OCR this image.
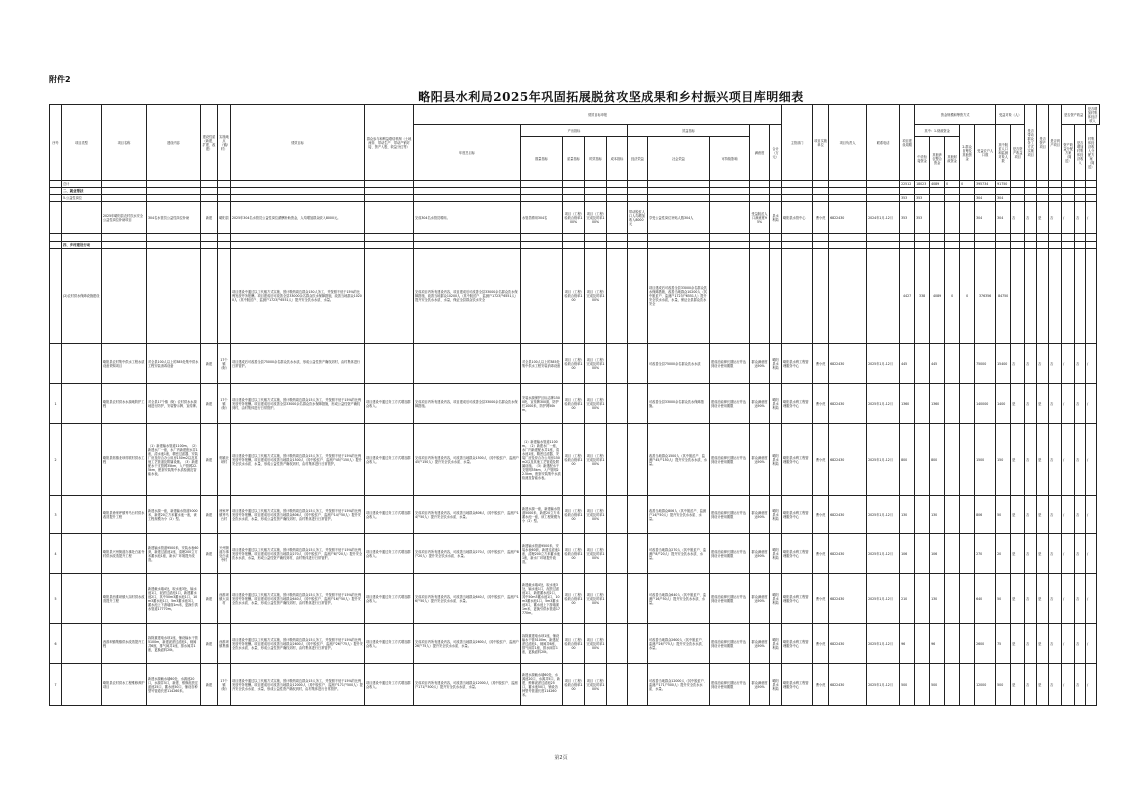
附件2
略阳县水利局2025年巩固拓展脱贫攻坚成果和乡村振兴项目库明细表
序号	项目类型	项目名称	建设内容	建设性质（新建、扩建、改建）	实施地点（镇/村）	绩效目标	群众参与和利益联结机制（土地流转、带动生产、带动产销对接、资产入股、收益分红等）	绩效目标申报										主管部门	项目实施单位	项目负责人	联系电话	项目建设周期	资金规模和筹资方式					受益对象（人）		是否带动群众务工方式实施项目	是否资产项目	是否到户项目	是否资产收益		是否增加村集体经济收入
								年度总目标	产出指标				效益指标			满意度	合计（万元）						其中：1.财政资金			2.群众自筹及其他资金	受益农户人口数	其中脱贫人口和监测对象人数	是否资产收益项目				资产收益分配方案（简述）	是否增加村集体经济收入	村集体经济收入分配方案（简述）
									数量指标	质量指标	时效指标	成本指标	经济效益	社会效益	可持续影响								中央衔接资金	其他涉农整合资金	其他财政资金										

	总计																					22512	18023	4089	0	0	395734	91750							
	二、就业帮扶																																		
	5.公益性岗位																					353	353				304	304							
		2025年略阳县农村饮水安全公益性岗位补助项目	304名水管员公益性岗位补助	新建	略阳县	2025年304名水管员公益性岗位薪酬补助资金，人均增加群众收入8000元。		完成304名水管员聘用。	水管员聘用304名	项目（工程）验收合格率100%	项目（工程）完成及时率100%		带动脱贫人口人均增加收入8000元	享受公益性岗位补贴人数304人		受益脱贫人口满意度95%	县水利局	略阳县水管中心	曹小虎	6822430	2024年1月-12月	353	353				304	304	否	否	是	否	/	否	/

	四、乡村建设行动																																		
	(2)农村供水保障设施建设					项目建设中通过以工代赈方式实施，预计吸纳周边群众150人务工，并按照不低于15%的比例发放劳务报酬。项目建成后可改善全县33000余名群众饮水保障措施，改善当地群众10200人（其中脱贫户、监测户1723户6551人）提升安全饮水水质、水量。		完成项目内所有建设内容，项目建成后可改善全县33000余名群众饮水保障措施，改善当地群众10200人（其中脱贫户、监测户1723户6551人）提升安全饮水水质、水量，保证全县群众饮水安全		项目（工程）验收合格率100	项目（工程）完成及时率100%			项目建成后可改善全县33000余名群众饮水保障措施，改善当地群众10200人（其中脱贫户、监测户1723户6551人）提升安全饮水水质，水量，保证全县群众饮水安全								4427	338	4089	0	0	376356	84750							
		略阳县农村集中供水工程水质设备采购项目	对全县100人以上的385处集中供水工程安装消毒设备	新建	17个镇（街）	项目建成后可改善全县75000余名群众饮水水质，形成公益性资产确权到村，由村集体进行日常管护。			对全县100人以上的385处集中供水工程安装消毒设备	项目（工程）验收合格率100	项目（工程）完成及时率100%			可改善全县75000余名群众饮水水质	建成后能够长期运行并达到设计使用期限	群众满意度达90%	略阳县水利局	略阳县水利工程管理服务中心	曹小虎	6822430	2025年1月-12月	445		445			75000	15400	否	否	否	否	/	否	/
1		略阳县农村供水水源地防护工程	对全县17个镇（街）农村供水水源地进行防护，安装警示牌、宣传牌。	新建	17个镇（街）	项目建设中通过以工代赈方式实施，预计吸纳周边群众15人务工，并按照不低于15%的比例发放劳务报酬。项目建成后可改善全县33000余名群众饮水保障措施，形成公益性资产确权到村，由村集体进行日常管护。	项目建设中通过务工方式增加群众收入。	完成项目内所有建设内容，项目建成后可改善全县33000余名群众饮水保障措施。	安装水源保护区标志牌1500块，宣传牌300面，防护栏1000米，防护网50km。	项目（工程）验收合格率100	项目（工程）完成及时率100%			可改善全县33000余名群众饮水保障措施。	建成后能够长期运行并达到设计使用期限	群众满意度达90%	略阳县水利局	略阳县水利工程管理服务中心	曹小虎	6822430	2025年1月-12月	1360		1360			140000	1400	是	否	是	否	/	否	/
2		略阳县郭镇北坝村联村供水工程	（1）新建输水管道1100m。（2）新建水厂一座，水厂内新建配水井1座，清水池1座，精密过滤器、安装厂房及综合办公用房150m2以及其他工艺管道及附属设施。（3）新建配水干支管网35km，入户管网22.5km，配套安装集中水质检测及智能水表。	新建	郭镇北坝村	项目建设中通过以工代赈方式实施，预计吸纳周边群众15人务工，并按照不低于15%的比例发放劳务报酬。项目建成后可改善当地群众1500人（其中脱贫户、监测户45户150人）提升安全饮水水质、水量，形成公益性资产确权到村，由村集体进行日常管护。	项目建设中通过务工方式增加群众收入。	完成项目内所有建设内容，可改善当地群众1500人（其中脱贫户、监测户45户150人）提升安全饮水水质、水量。	（1）新建输水管道1100m。（2）新建水厂一座，水厂内新建配水井1座，清水池1座，精密过滤器、安装厂房及综合办公用房150m2以及其他工艺管道及附属设施。（3）新建配水干支管网35km，入户管网22.5km，配套安装集中水质检测及智能水表。	项目（工程）验收合格率100	项目（工程）完成及时率100%			改善当地群众1500人（其中脱贫户、监测户45户150人）提升安全饮水水质、水量。	建成后能够长期运行并达到设计使用期限	群众满意度达90%	略阳县水利局	略阳县水利工程管理服务中心	曹小虎	6822430	2025年1月-12月	800		800			1500	150	是	否	是	否	/	否	/
3		略阳县徐家坪镇秀马台村供水改造提升工程	新建水源一座，新建输水管道5000米，新建20立方米蓄水池一座，该工程规模为小（2）型。	新建	徐家坪镇秀马台村	项目建设中通过以工代赈方式实施，预计吸纳周边群众15人务工，并按照不低于15%的比例发放劳务报酬。项目建成后可改善当地群众806人（其中脱贫户、监测户14户50人）提升安全饮水水质、水量，形成公益性资产确权到村，由村集体进行日常管护。	项目建设中通过务工方式增加群众收入。	完成项目内所有建设内容，可改善当地群众806人（其中脱贫户、监测户14户50人）提升安全饮水水质、水量。	新建水源一座，新建输水管道5000米，新建20立方米蓄水池一座，该工程规模为小（2）型。	项目（工程）验收合格率100	项目（工程）完成及时率100%			改善当地群众806人（其中脱贫户、监测户14户50人）提升安全饮水水质、水量。	建成后能够长期运行并达到设计使用期限	群众满意度达90%	略阳县水利局	略阳县水利工程管理服务中心	曹小虎	6822430	2025年1月-12月	130		130			806	50	是	否	是	否	/	否	/
4		略阳县兴州街道办事处白雀寺村供水改造提升工程	新建输水管道9500米，安装水表60套，新建过滤池1座，清理200立方米蓄水池1座，新水厂环境提升改造。	新建	兴州街道办事处白雀寺村	项目建设中通过以工代赈方式实施，预计吸纳周边群众15人务工，并按照不低于15%的比例发放劳务报酬。项目建成后可改善当地群众270人（其中脱贫户、监测户8户20人）提升安全饮水水质、水量，形成公益性资产确权到村，由村集体进行日常管护。	项目建设中通过务工方式增加群众收入。	完成项目内所有建设内容，可改善当地群众270人（其中脱贫户、监测户8户20人）提升安全饮水水质、水量。	新建输水管道9500米，安装水表60套，新建过滤池1座，清理200立方米蓄水池1座，新水厂环境提升改造。	项目（工程）验收合格率100	项目（工程）完成及时率100%			可改善当地群众270人（其中脱贫户、监测户8户20人）提升安全饮水水质、水量。	建成后能够长期运行并达到设计使用期限	群众满意度达90%	略阳县水利局	略阳县水利工程管理服务中心	曹小虎	6822430	2025年1月-12月	106		106			270	20	是	否	是	否	/	否	/
5		略阳县西淮坝镇大沟村供水改造提升工程	新建截水墙4处，取水池3处，输水池1口，泥淤过滤池1口，新建蓄水池2口，其中50m3蓄水池1口，10m3蓄水池1口，5m3蓄水池3口，蓄水池上下游墙面1m米，更换引供水管道17770m。	新建	西淮坝镇大沟村	项目建设中通过以工代赈方式实施，预计吸纳周边群众15人务工，并按照不低于15%的比例发放劳务报酬。项目建成后可改善当地群众640人（其中脱贫户、监测户16户50人）提升安全饮水水质、水量，形成公益性资产确权到村，由村集体进行日常管护。	项目建设中通过务工方式增加群众收入。	完成项目内所有建设内容，可改善当地群众640人（其中脱贫户、监测户16户50人）提升安全饮水水质、水量。	新建截水墙4处，取水池3处，输水池1口，泥淤过滤池1口，新建蓄水池2口，其中50m3蓄水池1口，10m3蓄水池1口，5m3蓄水池3口，蓄水池上下游墙面1m米，更换引供水管道17770m。	项目（工程）验收合格率100	项目（工程）完成及时率100%			可改善当地群众640人（其中脱贫户、监测户16户50人）提升安全饮水水质、水量。	建成后能够长期运行并达到设计使用期限	群众满意度达90%	略阳县水利局	略阳县水利工程管理服务中心	曹小虎	6822430	2025年1月-12月	210		130			640	50	是	否	是	否	/	否	/
6		西淮坝镇集镇供水改造提升工程	拆除重建取水坝1座，铺设输水干管5100m，新建泥淤过滤池1，闸阀井6座，排气阀井1座，排水阀井1座，更换滤料20t。	新建	西淮坝镇集镇	项目建设中通过以工代赈方式实施，预计吸纳周边群众15人务工，并按照不低于15%的比例发放劳务报酬。项目建成后可改善当地群众2600人（其中脱贫户、监测户26户75人）提升安全饮水水质、水量，形成公益性资产确权到村，由村集体进行日常管护。	项目建设中通过务工方式增加群众收入。	完成项目内所有建设内容，可改善当地群众2600人（其中脱贫户、监测户26户75人）提升安全饮水水质、水量。	拆除重建取水坝1座，铺设输水干管5100m，新建泥淤过滤池1，闸阀井6座，排气阀井1座，排水阀井1座，更换滤料20t。	项目（工程）验收合格率100	项目（工程）完成及时率100%			可改善当地群众2600人（其中脱贫户、监测户26户75人）提升安全饮水水质、水量。	建成后能够长期运行并达到设计使用期限	群众满意度达90%	略阳县水利局	略阳县水利工程管理服务中心	曹小虎	6822430	2025年1月-12月	96		96			2600	75	是	否	是	否	/	否	/
7		略阳县农村供水工程维修养护项目	新建水源截水墙60处，水源池20口，水源井5口，新建、维修泥淤过滤池25口，蓄水池50口，铺设各种型号管道长度114260米。	新建	17个镇（街）	项目建设中通过以工代赈方式实施，预计吸纳周边群众15人务工，并按照不低于15%的比例发放劳务报酬。项目建成后可改善当地群众12000人（其中脱贫户、监测户171户500人）提升安全饮水水质、水量，形成公益性资产确权到村，由村集体进行日常管护。	项目建设中通过务工方式增加群众收入。	完成项目内所有建设内容，可改善当地群众12000人（其中脱贫户、监测户171户500人）提升安全饮水水质、水量。	新建水源截水墙60处，水源池20口，水源井5口，新建、维修泥淤过滤池25口，蓄水池50口，铺设各种型号管道长度114260米。	项目（工程）验收合格率100	项目（工程）完成及时率100%			可改善当地群众12000人（其中脱贫户、监测户171户500人）提升安全饮水水质、水量。	建成后能够长期运行并达到设计使用期限	群众满意度达90%	略阳县水利局	略阳县水利工程管理服务中心	曹小虎	6822430	2025年1月-12月	500		500			12000	500	是	否	是	否	/	否	/
第2页
